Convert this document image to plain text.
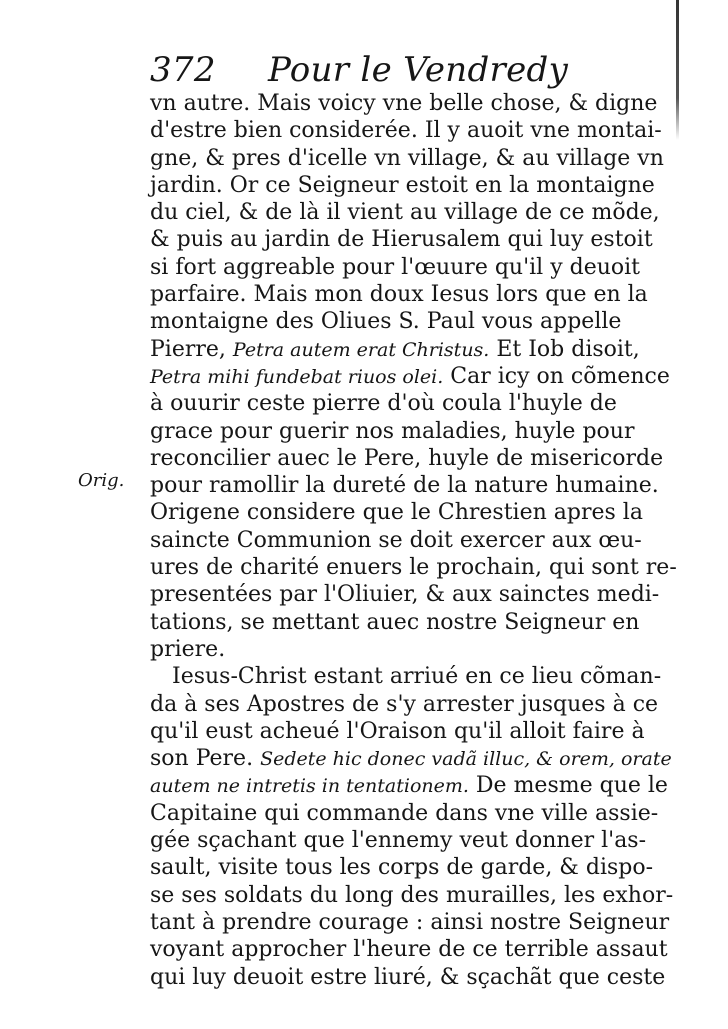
372 Pour le Vendredy
Orig.
vn autre. Mais voicy vne belle chose, & digne
d'estre bien considerée. Il y auoit vne montai-
gne, & pres d'icelle vn village, & au village vn
jardin. Or ce Seigneur estoit en la montaigne
du ciel, & de là il vient au village de ce mõde,
& puis au jardin de Hierusalem qui luy estoit
si fort aggreable pour l'œuure qu'il y deuoit
parfaire. Mais mon doux Iesus lors que en la
montaigne des Oliues S. Paul vous appelle
Pierre, Petra autem erat Christus. Et Iob disoit,
Petra mihi fundebat riuos olei. Car icy on cõmence
à ouurir ceste pierre d'où coula l'huyle de
grace pour guerir nos maladies, huyle pour
reconcilier auec le Pere, huyle de misericorde
pour ramollir la dureté de la nature humaine.
Origene considere que le Chrestien apres la
saincte Communion se doit exercer aux œu-
ures de charité enuers le prochain, qui sont re-
presentées par l'Oliuier, & aux sainctes medi-
tations, se mettant auec nostre Seigneur en
priere.
Iesus-Christ estant arriué en ce lieu cõman-
da à ses Apostres de s'y arrester jusques à ce
qu'il eust acheué l'Oraison qu'il alloit faire à
son Pere. Sedete hic donec vadã illuc, & orem, orate
autem ne intretis in tentationem. De mesme que le
Capitaine qui commande dans vne ville assie-
gée sçachant que l'ennemy veut donner l'as-
sault, visite tous les corps de garde, & dispo-
se ses soldats du long des murailles, les exhor-
tant à prendre courage : ainsi nostre Seigneur
voyant approcher l'heure de ce terrible assaut
qui luy deuoit estre liuré, & sçachãt que ceste
